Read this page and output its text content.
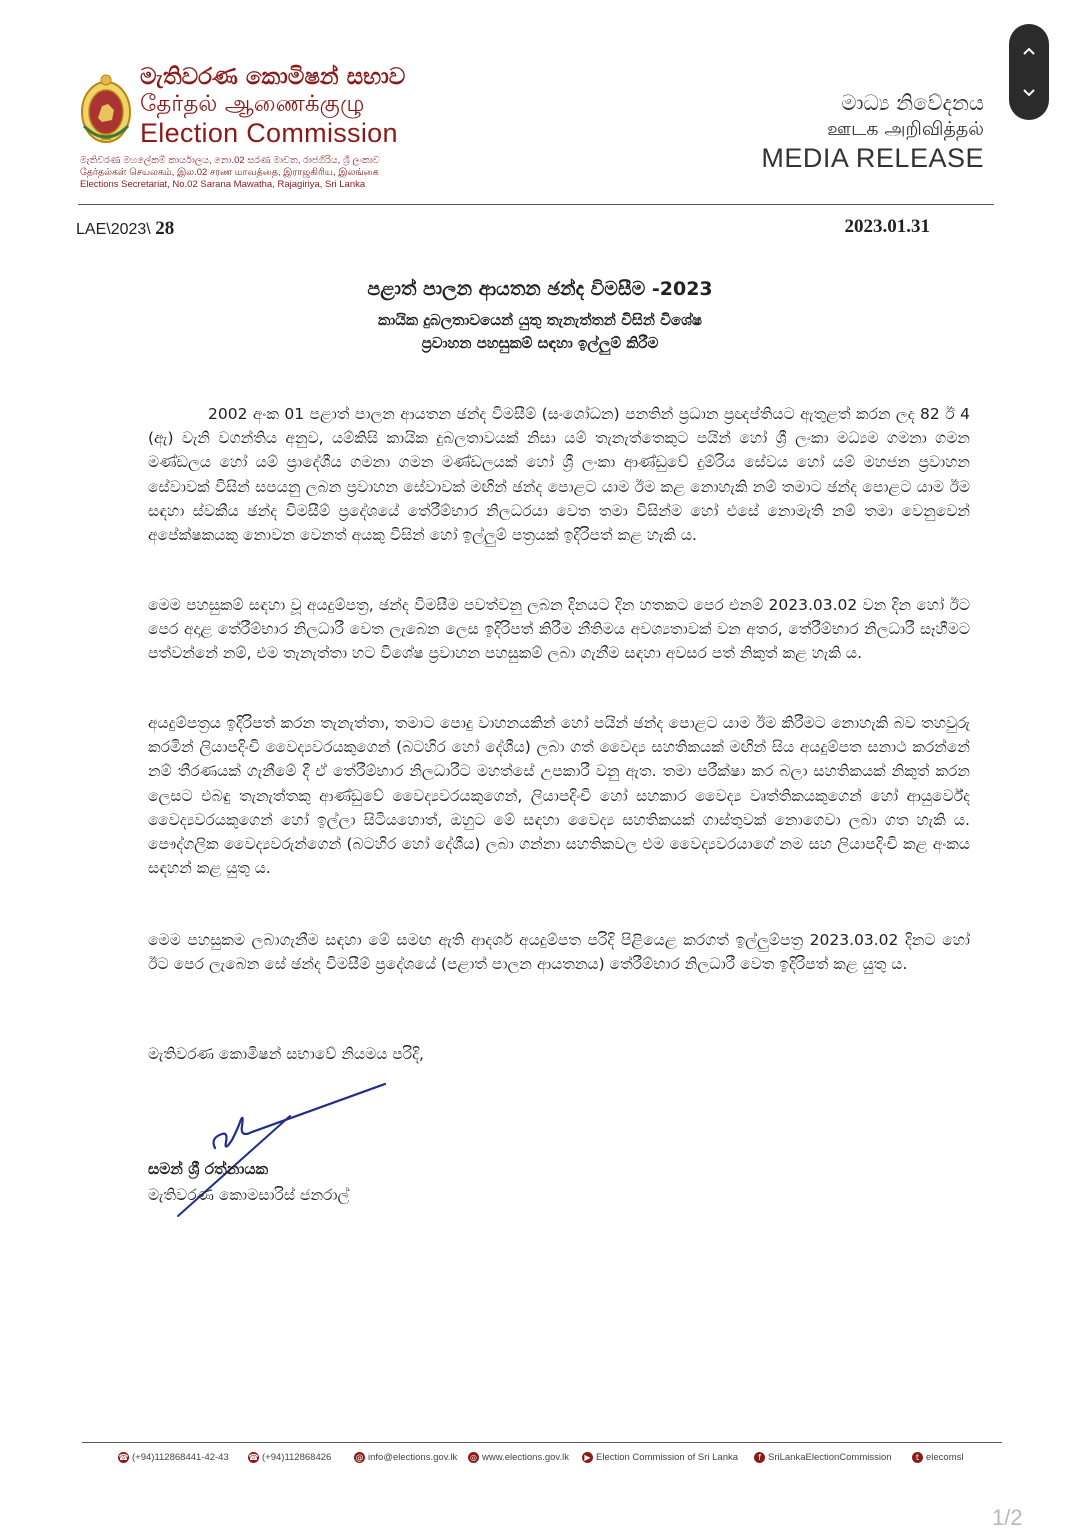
මැතිවරණ කොමිෂන් සභාව
தேர்தல் ஆணைக்குழு
Election Commission
මැතිවරණ මහලේකම් කාර්යාලය, නො.02 සරණ මාවත, රාජගිරිය, ශ්‍රී ලංකාව
தேர்தல்கள் செயலகம், இல.02 சரண மாவத்தை, இராஜகிரிய, இலங்கை
Elections Secretariat, No.02 Sarana Mawatha, Rajagiriya, Sri Lanka
මාධ්‍ය නිවේදනය
ஊடக அறிவித்தல்
MEDIA RELEASE
LAE\2023\ 28	2023.01.31
පළාත් පාලන ආයතන ඡන්ද විමසීම -2023
කායික දුබලතාවයෙන් යුතු තැනැත්තන් විසින් විශේෂ
ප්‍රවාහන පහසුකම් සඳහා ඉල්ලුම් කිරීම

2002 අංක 01 පළාත් පාලන ආයතන ඡන්ද විමසීම් (සංශෝධන) පනතින් ප්‍රධාන ප්‍රඥප්තියට ඇතුළත් කරන ලද 82 ඊ 4 (ඇ) වැනි වගන්තිය අනුව, යම්කිසි කායික දුබලතාවයක් නිසා යම් තැනැත්තෙකුට පයින් හෝ ශ්‍රී ලංකා මධ්‍යම ගමනා ගමන මණ්ඩලය හෝ යම් ප්‍රාදේශීය ගමනා ගමන මණ්ඩලයක් හෝ ශ්‍රී ලංකා ආණ්ඩුවේ දුම්රිය සේවය හෝ යම් මහජන ප්‍රවාහන සේවාවක් විසින් සපයනු ලබන ප්‍රවාහන සේවාවක් මඟින් ඡන්ද පොළට යාම ඊම කළ නොහැකි නම් තමාට ඡන්ද පොළට යාම ඊම සඳහා ස්වකීය ඡන්ද විමසීම් ප්‍රදේශයේ තේරීම්භාර නිලධරයා වෙත තමා විසින්ම හෝ එසේ නොමැති නම් තමා වෙනුවෙන් අපේක්ෂකයකු නොවන වෙනත් අයකු විසින් හෝ ඉල්ලුම් පත්‍රයක් ඉදිරිපත් කළ හැකි ය.

මෙම පහසුකම් සඳහා වූ අයදුම්පත්‍ර, ඡන්ද විමසීම පවත්වනු ලබන දිනයට දින හතකට පෙර එනම් 2023.03.02 වන දින හෝ ඊට පෙර අදාළ තේරීම්භාර නිලධාරී වෙත ලැබෙන ලෙස ඉදිරිපත් කිරීම නීතිමය අවශ්‍යතාවක් වන අතර, තේරීම්භාර නිලධාරී සෑහීමට පත්වන්නේ නම්, එම තැනැත්තා හට විශේෂ ප්‍රවාහන පහසුකම් ලබා ගැනීම සඳහා අවසර පත් නිකුත් කළ හැකි ය.

අයදුම්පත්‍රය ඉදිරිපත් කරන තැනැත්තා, තමාට පොදු වාහනයකින් හෝ පයින් ඡන්ද පොළට යාම ඊම කිරීමට නොහැකි බව තහවුරු කරමින් ලියාපදිංචි වෛද්‍යවරයකුගෙන් (බටහිර හෝ දේශීය) ලබා ගත් වෛද්‍ය සහතිකයක් මඟින් සිය අයදුම්පත සනාථ කරන්නේ නම් තීරණයක් ගැනීමේ දී ඒ තේරීම්භාර නිලධාරීට මහත්සේ උපකාරී වනු ඇත. තමා පරීක්ෂා කර බලා සහතිකයක් නිකුත් කරන ලෙසට එබඳු තැනැත්තකු ආණ්ඩුවේ වෛද්‍යවරයකුගෙන්, ලියාපදිංචි හෝ සහකාර වෛද්‍ය වෘත්තිකයකුගෙන් හෝ ආයුර්වේද වෛද්‍යවරයකුගෙන් හෝ ඉල්ලා සිටියහොත්, ඔහුට මේ සඳහා වෛද්‍ය සහතිකයක් ගාස්තුවක් නොගෙවා ලබා ගත හැකි ය. පෞද්ගලික වෛද්‍යවරුන්ගෙන් (බටහිර හෝ දේශීය) ලබා ගන්නා සහතිකවල එම වෛද්‍යවරයාගේ නම සහ ලියාපදිංචි කළ අංකය සඳහන් කළ යුතු ය.

මෙම පහසුකම ලබාගැනීම සඳහා මේ සමඟ ඇති ආදර්ශ අයදුම්පත පරිදි පිළියෙළ කරගත් ඉල්ලුම්පත්‍ර 2023.03.02 දිනට හෝ ඊට පෙර ලැබෙන සේ ඡන්ද විමසීම් ප්‍රදේශයේ (පළාත් පාලන ආයතනය) තේරීම්භාර නිලධාරී වෙත ඉදිරිපත් කළ යුතු ය.

මැතිවරණ කොමිෂන් සභාවේ නියමය පරිදි,
සමන් ශ්‍රී රත්නායක
මැතිවරණ කොමසාරිස් ජනරාල්
☎ (+94)112868441-42-43 ☎ (+94)112868426	@ info@elections.gov.lk ◎ www.elections.gov.lk	▶ Election Commission of Sri Lanka	f SriLankaElectionCommission	t elecomsl
1/2
